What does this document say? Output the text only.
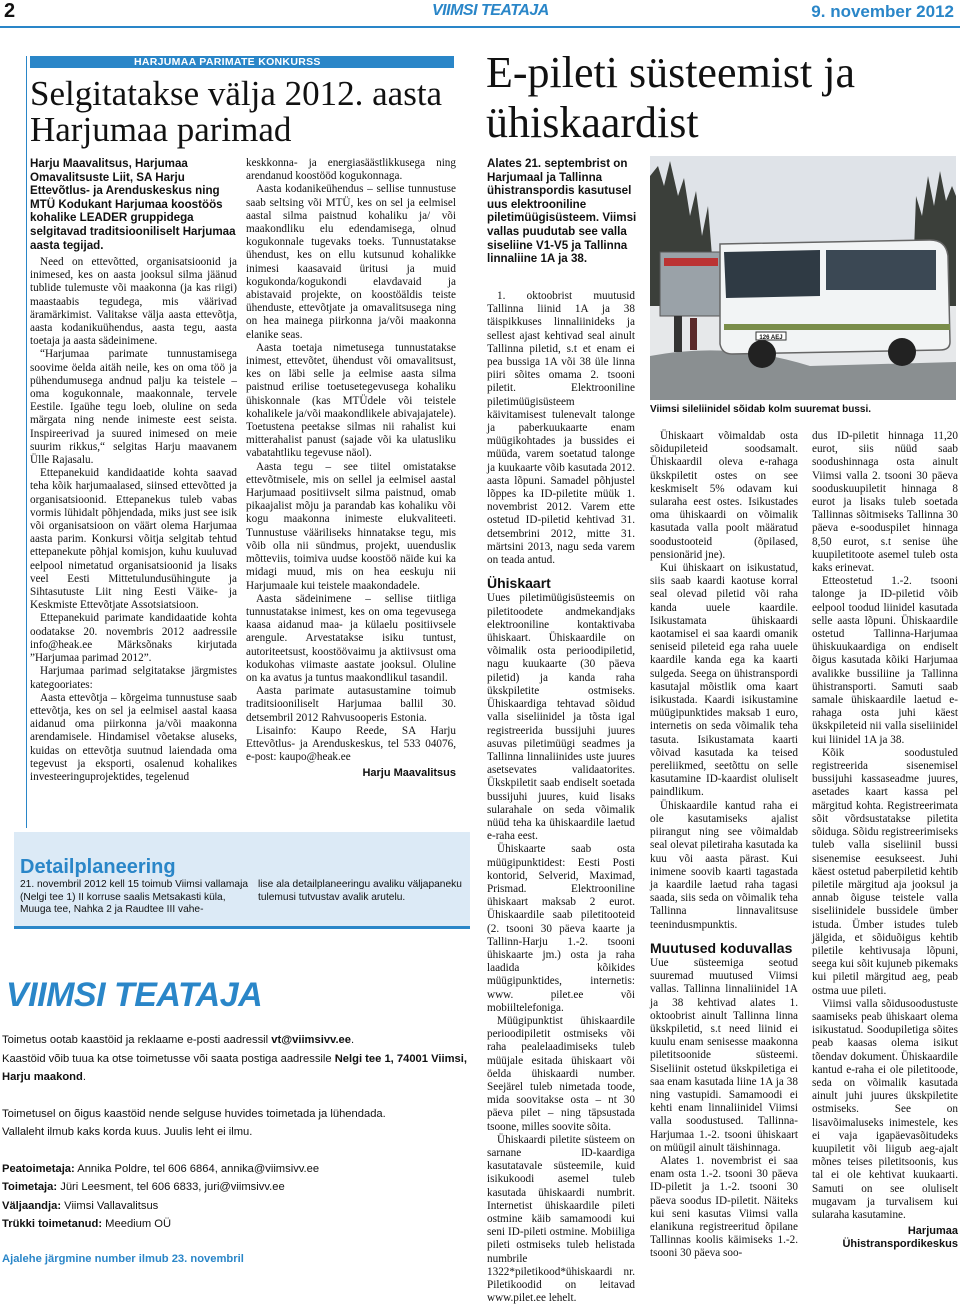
2	VIIMSI TEATAJA	9. november 2012
HARJUMAA PARIMATE KONKURSS
Selgitatakse välja 2012. aasta
Harjumaa parimad
Harju Maavalitsus, Harjumaa Omavalitsuste Liit, SA Harju Ettevõtlus- ja Arenduskeskus ning MTÜ Kodukant Harjumaa koostöös kohalike LEADER gruppidega selgitavad traditsiooniliselt Harjumaa aasta tegijad.

Need on ettevõtted, organisatsioonid ja inimesed, kes on aasta jooksul silma jäänud tublide tulemuste või maakonna (ja kas riigi) maastaabis tegudega, mis väärivad äramärkimist. Valitakse välja aasta ettevõtja, aasta kodanikuühendus, aasta tegu, aasta toetaja ja aasta sädeinimene.

“Harjumaa parimate tunnustamisega soovime öelda aitäh neile, kes on oma töö ja pühendumusega andnud palju ka teistele – oma kogukonnale, maakonnale, tervele Eestile. Igaühe tegu loeb, oluline on seda märgata ning nende inimeste eest seista. Inspireerivad ja suured inimesed on meie suurim rikkus,“ selgitas Harju maavanem Ülle Rajasalu.

Ettepanekuid kandidaatide kohta saavad teha kõik harjumaalased, siinsed ettevõtted ja organisatsioonid. Ettepanekus tuleb vabas vormis lühidalt põhjendada, miks just see isik või organisatsioon on väärt olema Harjumaa aasta parim. Konkursi võitja selgitab tehtud ettepanekute põhjal komisjon, kuhu kuuluvad eelpool nimetatud organisatsioonid ja lisaks veel Eesti Mittetulundusühingute ja Sihtasutuste Liit ning Eesti Väike- ja Keskmiste Ettevõtjate Assotsiatsioon.

Ettepanekuid parimate kandidaatide kohta oodatakse 20. novembris 2012 aadressile info@heak.ee Märksõnaks kirjutada ”Harjumaa parimad 2012”.

Harjumaa parimad selgitatakse järgmistes kategooriates:

Aasta ettevõtja – kõrgeima tunnustuse saab ettevõtja, kes on sel ja eelmisel aastal kaasa aidanud oma piirkonna ja/või maakonna arendamisele. Hindamisel võetakse aluseks, kuidas on ettevõtja suutnud laiendada oma tegevust ja eksporti, osalenud kohalikes investeeringuprojektides, tegelenud

keskkonna- ja energiasäästlikkusega ning arendanud koostööd kogukonnaga.

Aasta kodanikeühendus – sellise tunnustuse saab seltsing või MTÜ, kes on sel ja eelmisel aastal silma paistnud kohaliku ja/ või maakondliku elu edendamisega, olnud kogukonnale tugevaks toeks. Tunnustatakse ühendust, kes on ellu kutsunud kohalikke inimesi kaasavaid üritusi ja muid kogukonda/kogukondi elavdavaid ja abistavaid projekte, on koostöäldis teiste ühenduste, ettevõtjate ja omavalitsusega ning on hea mainega piirkonna ja/või maakonna elanike seas.

Aasta toetaja nimetusega tunnustatakse inimest, ettevõtet, ühendust või omavalitsust, kes on läbi selle ja eelmise aasta silma paistnud erilise toetusetegevusega kohaliku ühiskonnale (kas MTÜdele või teistele kohalikele ja/või maakondlikele abivajajatele). Toetustena peetakse silmas nii rahalist kui mitterahalist panust (sajade või ka ulatusliku vabatahtliku tegevuse näol).

Aasta tegu – see tiitel omistatakse ettevõtmisele, mis on sellel ja eelmisel aastal Harjumaad positiivselt silma paistnud, omab pikaajalist mõju ja parandab kas kohaliku või kogu maakonna inimeste elukvaliteeti. Tunnustuse vääriliseks hinnatakse tegu, mis võib olla nii sündmus, projekt, uuendusliк mõtteviis, toimiva uudse koostöö näide kui ka midagi muud, mis on hea eeskuju nii Harjumaale kui teistele maakondadele.

Aasta sädeinimene – sellise tiitliga tunnustatakse inimest, kes on oma tegevusega kaasa aidanud maa- ja külaelu positiivsele arengule. Arvestatakse isiku tuntust, autoriteetsust, koostöövaimu ja aktiivsust oma kodukohas viimaste aastate jooksul. Oluline on ka avatus ja tuntus maakondlikul tasandil.

Aasta parimate autasustamine toimub traditsiooniliselt Harjumaa ballil 30. detsembril 2012 Rahvusooperis Estonia.

Lisainfo: Kaupo Reede, SA Harju Ettevõtlus- ja Arenduskeskus, tel 533 04076, e-post: kaupo@heak.ee

Harju Maavalitsus
Detailplaneering
21. novembril 2012 kell 15 toimub Viimsi vallamaja (Nelgi tee 1) II korruse saalis Metsakasti küla, Muuga tee, Nahka 2 ja Raudtee III vahe-
lise ala detailplaneeringu avaliku väljapaneku tulemusi tutvustav avalik arutelu.
VIIMSI TEATAJA
Toimetus ootab kaastöid ja reklaame e-posti aadressil vt@viimsivv.ee.
Kaastöid võib tuua ka otse toimetusse või saata postiga aadressile Nelgi tee 1, 74001 Viimsi, Harju maakond.
Toimetusel on õigus kaastöid nende selguse huvides toimetada ja lühendada.
Vallaleht ilmub kaks korda kuus. Juulis leht ei ilmu.
Peatoimetaja: Annika Poldre, tel 606 6864, annika@viimsivv.ee
Toimetaja: Jüri Leesment, tel 606 6833, juri@viimsivv.ee
Väljaandja: Viimsi Vallavalitsus
Trükki toimetanud: Meedium OÜ
Ajalehe järgmine number ilmub 23. novembril
E-pileti süsteemist ja
ühiskaardist
Alates 21. septembrist on Harjumaal ja Tallinna ühistranspordis kasutusel uus elektrooniline piletimüügisüsteem. Viimsi vallas puudutab see valla siseliine V1-V5 ja Tallinna linnaliine 1A ja 38.
126 AEJ
Viimsi sileliinidel sõidab kolm suuremat bussi.

1. oktoobrist muutusid Tallinna liinid 1A ja 38 täispikkuses linnaliinideks ja sellest ajast kehtivad seal ainult Tallinna piletid, s.t et enam ei pea bussiga 1A või 38 üle linna piiri sõites omama 2. tsooni piletit. Elektrooniline piletimüügisüsteem käivitamisest tulenevalt talonge ja paberkuukaarte enam müügikohtades ja bussides ei müüda, varem soetatud talonge ja kuukaarte võib kasutada 2012. aasta lõpuni. Samadel põhjustel lõppes ka ID-piletite müük 1. novembrist 2012. Varem ette ostetud ID-piletid kehtivad 31. detsembrini 2012, mitte 31. märtsini 2013, nagu seda varem on teada antud.

Ühiskaart

Uues piletimüügisüsteemis on piletitoodete andmekandjaks elektrooniline kontaktivaba ühiskaart. Ühiskaardile on võimalik osta perioodipiletid, nagu kuukaarte (30 päeva piletid) ja kanda raha ükskpiletite ostmiseks. Ühiskaardiga tehtavad sõidud valla siseliinidel ja tõsta igal registreerida bussijuhi juures asuvas piletimüügi seadmes ja Tallinna linnaliinides uste juures asetsevates validaatorites. Ükskpiletit saab endiselt soetada bussijuhi juures, kuid lisaks sularahale on seda võimalik nüüd teha ka ühiskaardile laetud e-raha eest.

Ühiskaarte saab osta müügipunktidest: Eesti Posti kontorid, Selverid, Maximad, Prismad. Elektrooniline ühiskaart maksab 2 eurot. Ühiskaardile saab piletitooteid (2. tsooni 30 päeva kaarte ja Tallinn-Harju 1.-2. tsooni ühiskaarte jm.) osta ja raha laadida kõikides müügipunktides, internetis: www. pilet.ee või mobiiltelefoniga.

Müügipunktist ühiskaardile perioodipiletit ostmiseks või raha pealelaadimiseks tuleb müüjale esitada ühiskaart või öelda ühiskaardi number. Seejärel tuleb nimetada toode, mida soovitakse osta – nt 30 päeva pilet – ning täpsustada tsoone, milles soovite sõita.

Ühiskaardi piletite süsteem on sarnane ID-kaardiga kasutatavale süsteemile, kuid isikukoodi asemel tuleb kasutada ühiskaardi numbrit. Internetist ühiskaardile pileti ostmine käib samamoodi kui seni ID-pileti ostmine. Mobiiliga pileti ostmiseks tuleb helistada numbrile 1322*piletikood*ühiskaardi nr. Piletikoodid on leitavad www.pilet.ee lehelt.

Ühiskaart võimaldab osta sõidupileteid soodsamalt. Ühiskaardil oleva e-rahaga ükskpiletit ostes on see keskmiselt 5% odavam kui sularaha eest ostes. Isikustades oma ühiskaardi on võimalik kasutada valla poolt määratud soodustooteid (õpilased, pensionärid jne).

Kui ühiskaart on isikustatud, siis saab kaardi kaotuse korral seal olevad piletid või raha kanda uuele kaardile. Isikustamata ühiskaardi kaotamisel ei saa kaardi omanik seniseid pileteid ega raha uuele kaardile kanda ega ka kaarti sulgeda. Seega on ühistranspordi kasutajal mõistlik oma kaart isikustada. Kaardi isikustamine müügipunktides maksab 1 euro, internetis on seda võimalik teha tasuta. Isikustamata kaarti võivad kasutada ka teised pereliikmed, seetõttu on selle kasutamine ID-kaardist oluliselt paindlikum.

Ühiskaardile kantud raha ei ole kasutamiseks ajalist piirangut ning see võimaldab seal olevat piletiraha kasutada ka kuu või aasta pärast. Kui inimene soovib kaarti tagastada ja kaardile laetud raha tagasi saada, siis seda on võimalik teha Tallinna linnavalitsuse teenindusmpunktis.

Muutused koduvallas

Uue süsteemiga seotud suuremad muutused Viimsi vallas. Tallinna linnaliinidel 1A ja 38 kehtivad alates 1. oktoobrist ainult Tallinna linna ükskpiletid, s.t need liinid ei kuulu enam senisesse maakonna piletitsoonide süsteemi. Siseliinit ostetud ükskpiletiga ei saa enam kasutada liine 1A ja 38 ning vastupidi. Samamoodi ei kehti enam linnaliinidel Viimsi valla soodustused. Tallinna-Harjumaa 1.-2. tsooni ühiskaart on müügil ainult täishinnaga.

Alates 1. novembrist ei saa enam osta 1.-2. tsooni 30 päeva ID-piletit ja 1.-2. tsooni 30 päeva soodus ID-piletit. Näiteks kui seni kasutas Viimsi valla elanikuna registreeritud õpilane Tallinnas koolis käimiseks 1.-2. tsooni 30 päeva soo-

dus ID-piletit hinnaga 11,20 eurot, siis nüüd saab soodushinnaga osta ainult Viimsi valla 2. tsooni 30 päeva sooduskuupiletit hinnaga 8 eurot ja lisaks tuleb soetada Tallinnas sõitmiseks Tallinna 30 päeva e-sooduspilet hinnaga 8,50 eurot, s.t senise ühe kuupiletitoote asemel tuleb osta kaks erinevat.

Etteostetud 1.-2. tsooni talonge ja ID-piletid võib eelpool toodud liinidel kasutada selle aasta lõpuni. Ühiskaardile ostetud Tallinna-Harjumaa ühiskuukaardiga on endiselt õigus kasutada kõiki Harjumaa avalikke bussiliine ja Tallinna ühistransporti. Samuti saab samale ühiskaardile laetud e-rahaga osta juhi käest ükskpileteid nii valla siseliinidel kui liinidel 1A ja 38.

Kõik soodustuled registreerida sisenemisel bussijuhi kassaseadme juures, asetades kaart kassa pel märgitud kohta. Registreerimata sõit võrdsustatakse piletita sõiduga. Sõidu registreerimiseks tuleb valla siseliinil bussi sisenemise eesukseest. Juhi käest ostetud paberpiletid kehtib piletile märgitud aja jooksul ja annab õiguse teistele valla siseliinidele bussidele ümber istuda. Ümber istudes tuleb jälgida, et sõiduõigus kehtib piletile kehtivusaja lõpuni, seega kui sõit kujuneb pikemaks kui piletil märgitud aeg, peab ostma uue pileti.

Viimsi valla sõidusoodustuste saamiseks peab ühiskaart olema isikustatud. Soodupiletiga sõites peab kaasas olema isikut tõendav dokument. Ühiskaardile kantud e-raha ei ole piletitoode, seda on võimalik kasutada ainult juhi juures ükskpiletite ostmiseks. See on lisavõimaluseks inimestele, kes ei vaja igapäevasõitudeks kuupiletit või liigub aeg-ajalt mõnes teises piletitsoonis, kus tal ei ole kehtivat kuukaarti. Samuti on see oluliselt mugavam ja turvalisem kui sularaha kasutamine.

Harjumaa
Ühistranspordikeskus
